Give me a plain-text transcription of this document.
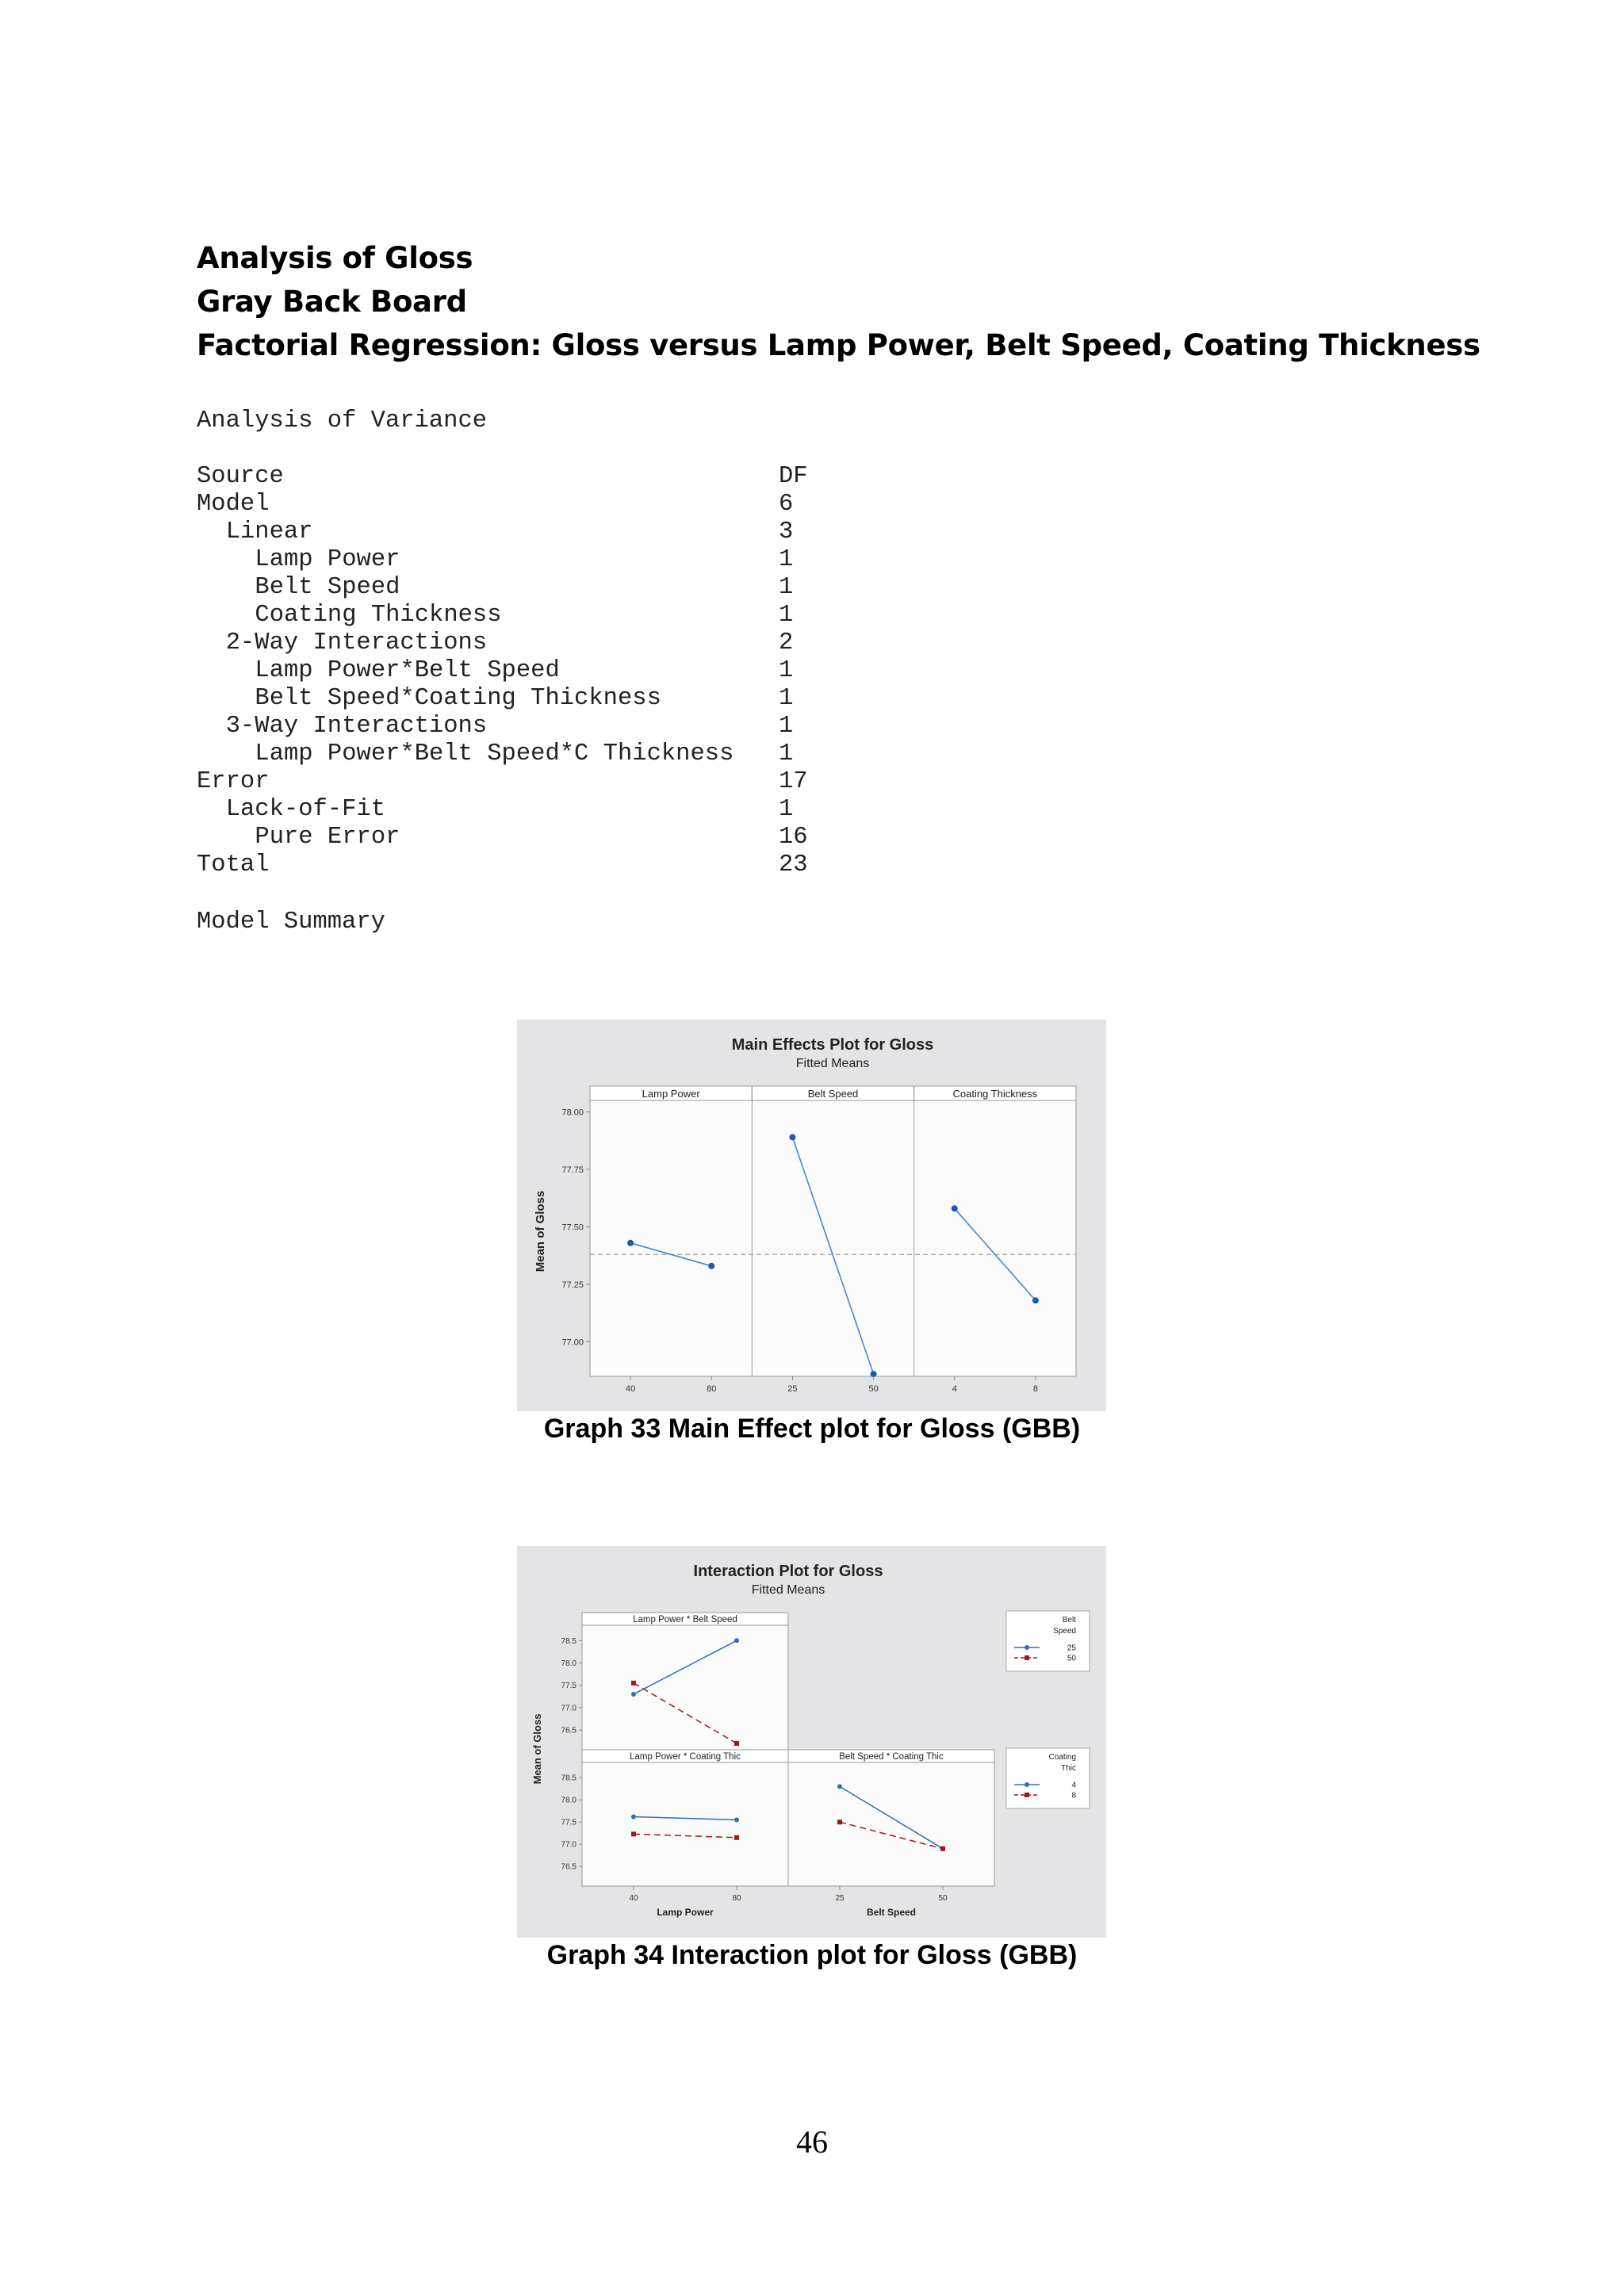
Analysis of Gloss
Gray Back Board
Factorial Regression: Gloss versus Lamp Power, Belt Speed, Coating Thickness
Analysis of Variance
Source	DF
Model	6
Linear	3
Lamp Power	1
Belt Speed	1
Coating Thickness	1
2-Way Interactions	2
Lamp Power*Belt Speed	1
Belt Speed*Coating Thickness	1
3-Way Interactions	1
Lamp Power*Belt Speed*C Thickness 1
Error	17
Lack-of-Fit	1
Pure Error	16
Total	23
Model Summary
Main Effects Plot for Gloss
Fitted Means
78.00
77.75
77.50
77.25
77.00
Mean of Gloss
Lamp Power
40	80
Belt Speed
25	50
Coating Thickness
4	8
Graph 33 Main Effect plot for Gloss (GBB)
Interaction Plot for Gloss
Fitted Means
Lamp Power * Belt Speed
78.5
78.0
77.5
77.0
76.5
Lamp Power * Coating Thic
78.5
78.0
77.5
77.0
76.5
40	80
Belt Speed * Coating Thic
25	50
Lamp Power	Belt Speed
Mean of Gloss
Belt
Speed
25
50
Coating
Thic
4
8
Graph 34 Interaction plot for Gloss (GBB)
46
